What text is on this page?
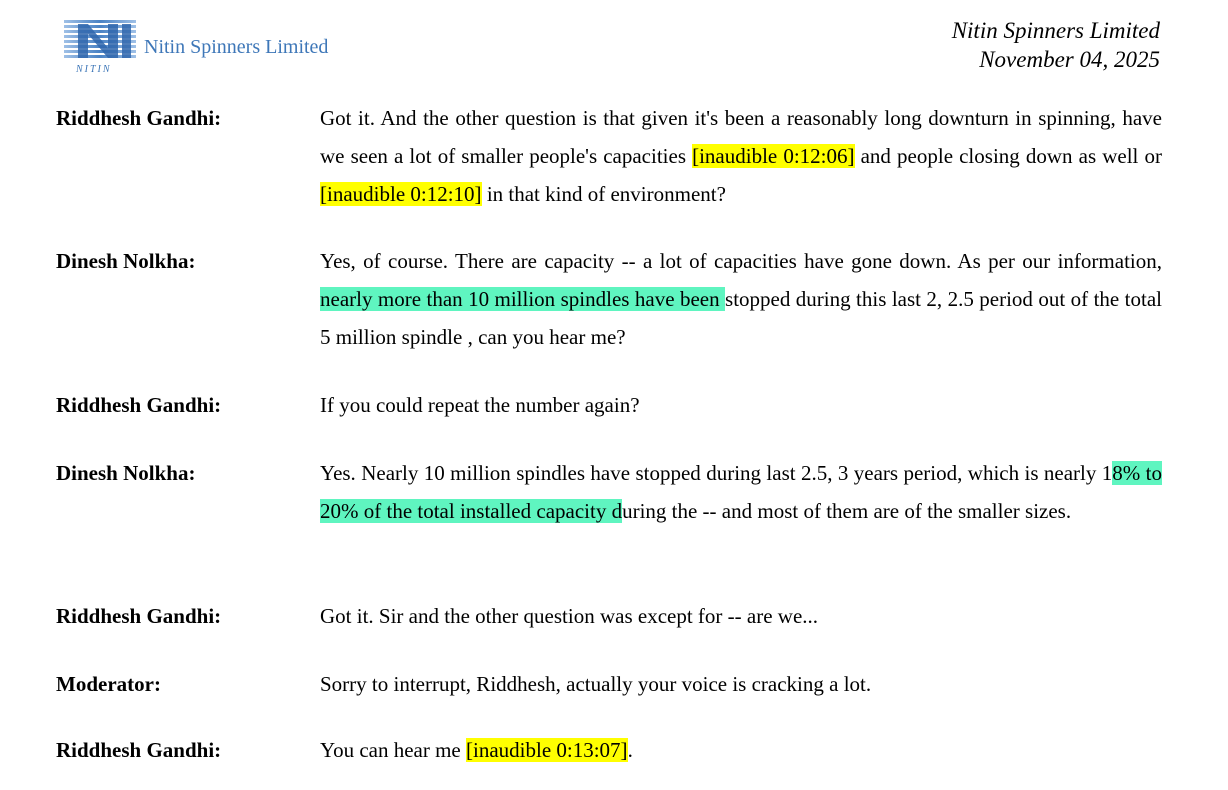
Nitin Spinners Limited
NITIN
Nitin Spinners Limited
November 04, 2025
Riddhesh Gandhi:	Got it. And the other question is that given it's been a reasonably long downturn in spinning, have we seen a lot of smaller people's capacities [inaudible 0:12:06] and people closing down as well or [inaudible 0:12:10] in that kind of environment?
Dinesh Nolkha:	Yes, of course. There are capacity -- a lot of capacities have gone down. As per our information, nearly more than 10 million spindles have been stopped during this last 2, 2.5 period out of the total 5 million spindle , can you hear me?
Riddhesh Gandhi:	If you could repeat the number again?
Dinesh Nolkha:	Yes. Nearly 10 million spindles have stopped during last 2.5, 3 years period, which is nearly 18% to 20% of the total installed capacity during the -- and most of them are of the smaller sizes.
Riddhesh Gandhi:	Got it. Sir and the other question was except for -- are we...
Moderator:	Sorry to interrupt, Riddhesh, actually your voice is cracking a lot.
Riddhesh Gandhi:	You can hear me [inaudible 0:13:07].
